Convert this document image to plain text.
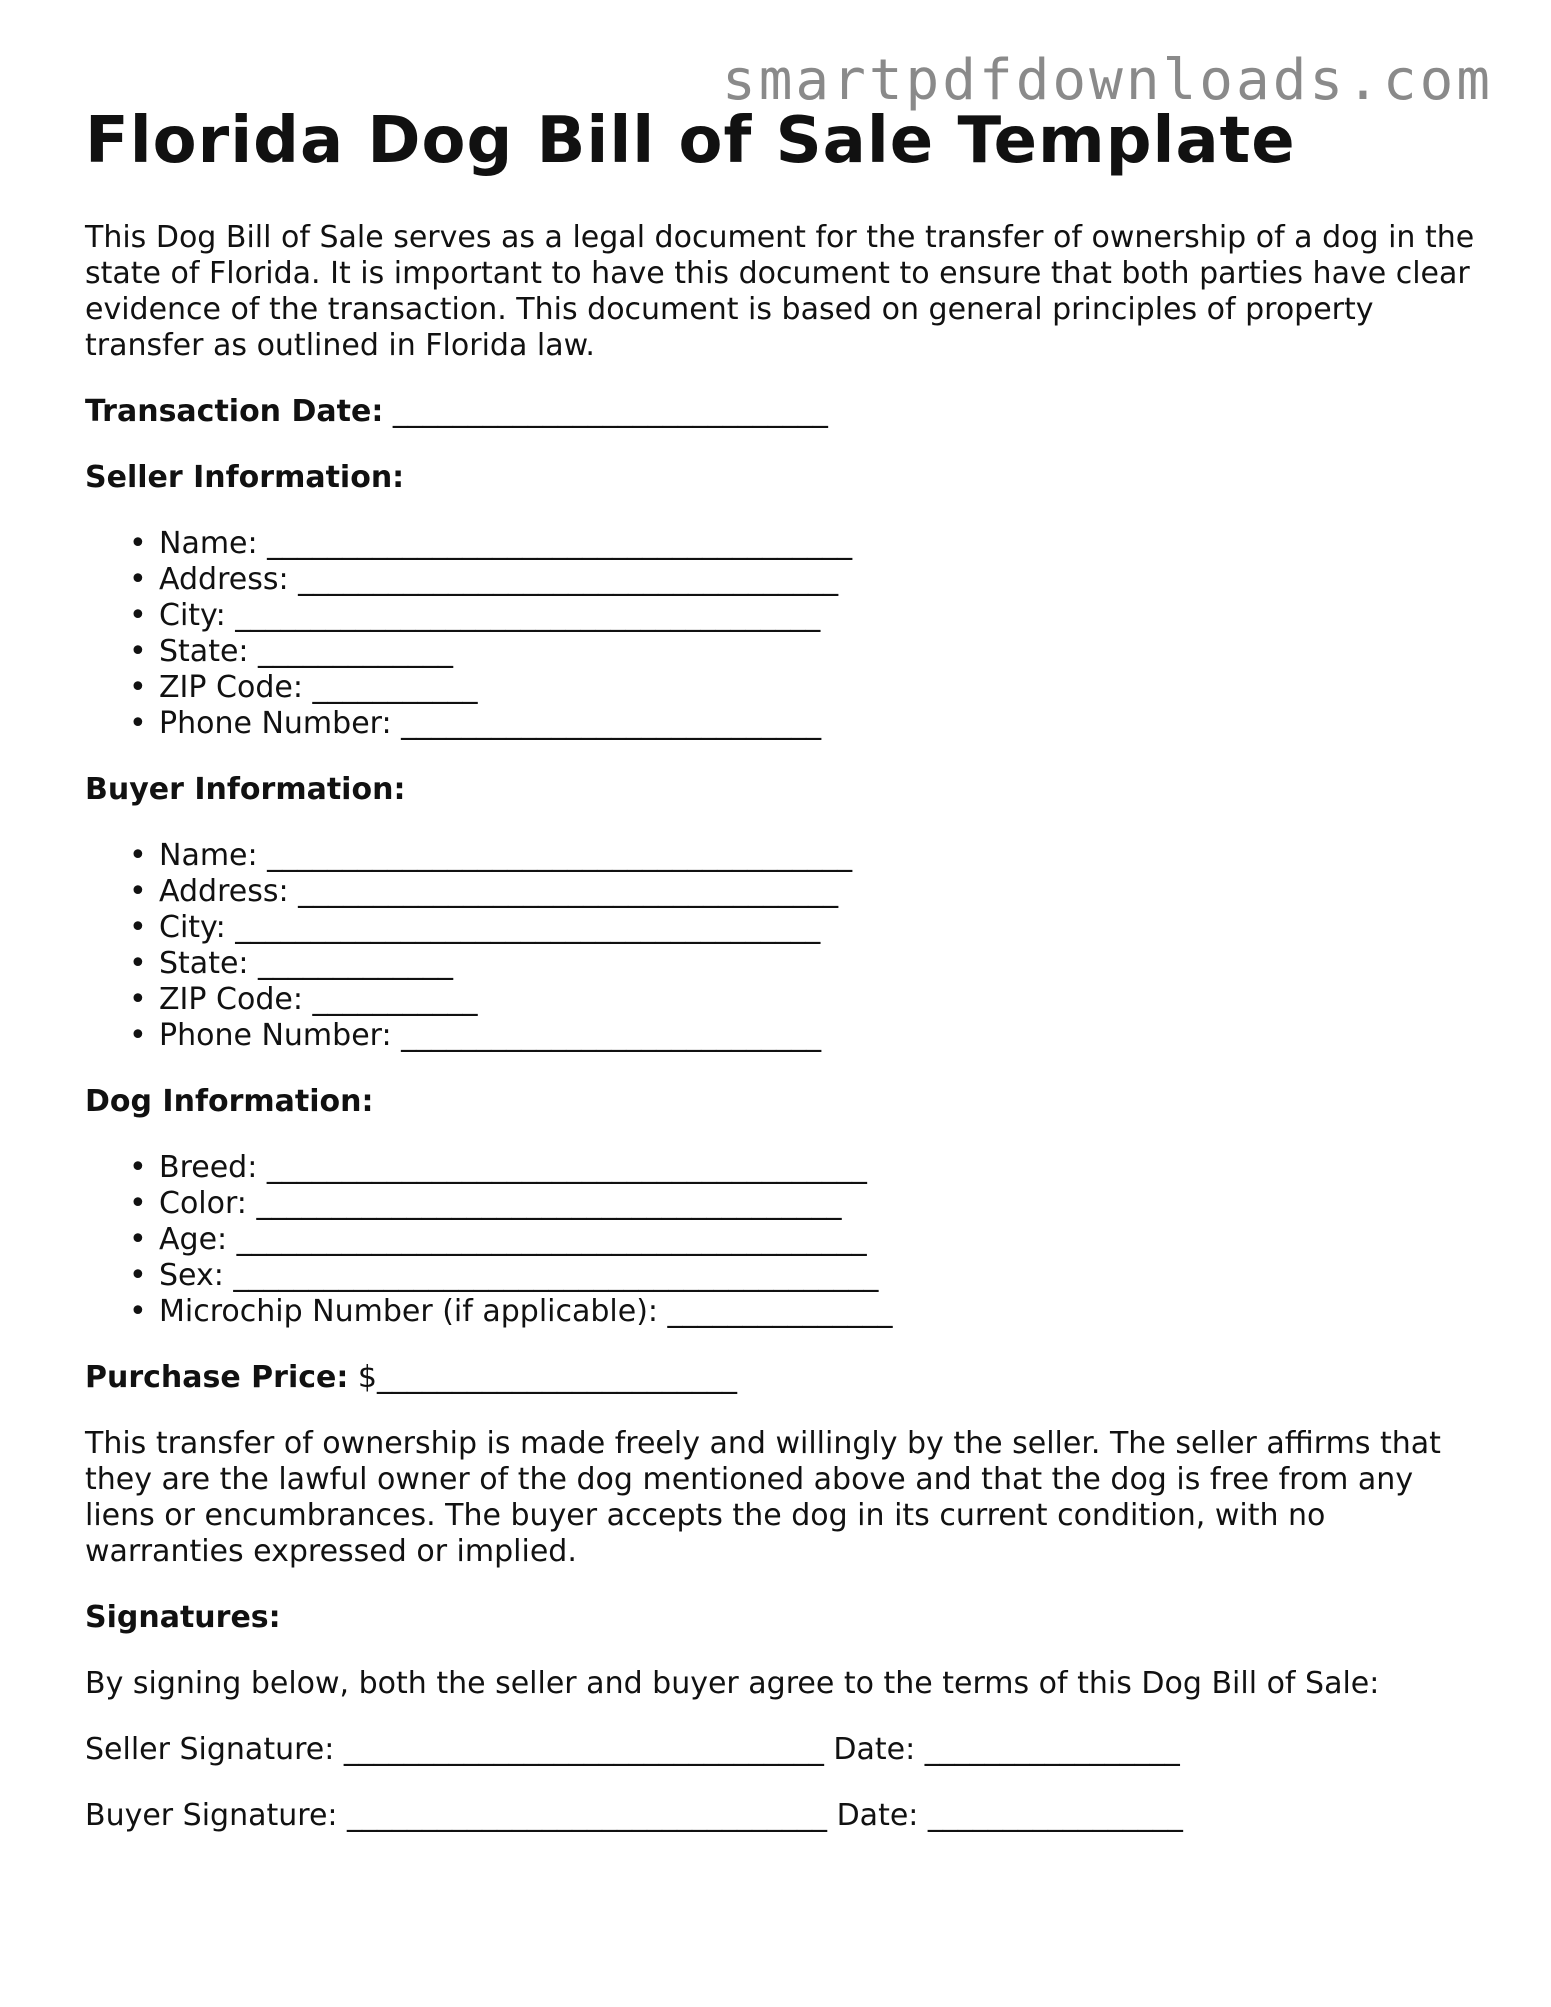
smartpdfdownloads.com
Florida Dog Bill of Sale Template

This Dog Bill of Sale serves as a legal document for the transfer of ownership of a dog in the state of Florida. It is important to have this document to ensure that both parties have clear evidence of the transaction. This document is based on general principles of property transfer as outlined in Florida law.

Transaction Date: _____________________________

Seller Information:

• Name: _______________________________________
• Address: ____________________________________
• City: _______________________________________
• State: _____________
• ZIP Code: ___________
• Phone Number: ____________________________

Buyer Information:

• Name: _______________________________________
• Address: ____________________________________
• City: _______________________________________
• State: _____________
• ZIP Code: ___________
• Phone Number: ____________________________

Dog Information:

• Breed: ________________________________________
• Color: _______________________________________
• Age: __________________________________________
• Sex: ___________________________________________
• Microchip Number (if applicable): _______________

Purchase Price: $________________________

This transfer of ownership is made freely and willingly by the seller. The seller affirms that they are the lawful owner of the dog mentioned above and that the dog is free from any liens or encumbrances. The buyer accepts the dog in its current condition, with no warranties expressed or implied.

Signatures:

By signing below, both the seller and buyer agree to the terms of this Dog Bill of Sale:

Seller Signature: ________________________________ Date: _________________

Buyer Signature: ________________________________ Date: _________________
